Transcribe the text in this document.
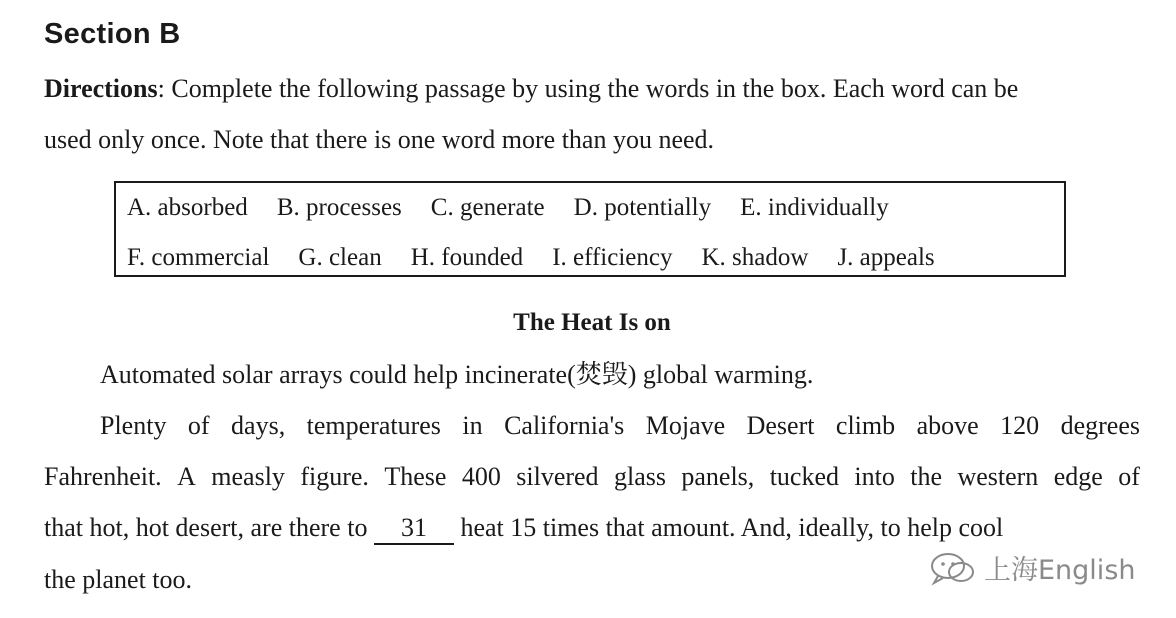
Section B
Directions: Complete the following passage by using the words in the box. Each word can be
used only once. Note that there is one word more than you need.
A. absorbed B. processes C. generate D. potentially E. individually
F. commercial G. clean H. founded I. efficiency K. shadow J. appeals
The Heat Is on
Automated solar arrays could help incinerate(焚毁) global warming.
Plenty of days, temperatures in California's Mojave Desert climb above 120 degrees
Fahrenheit. A measly figure. These 400 silvered glass panels, tucked into the western edge of
that hot, hot desert, are there to 31 heat 15 times that amount. And, ideally, to help cool
the planet too.	上海English
